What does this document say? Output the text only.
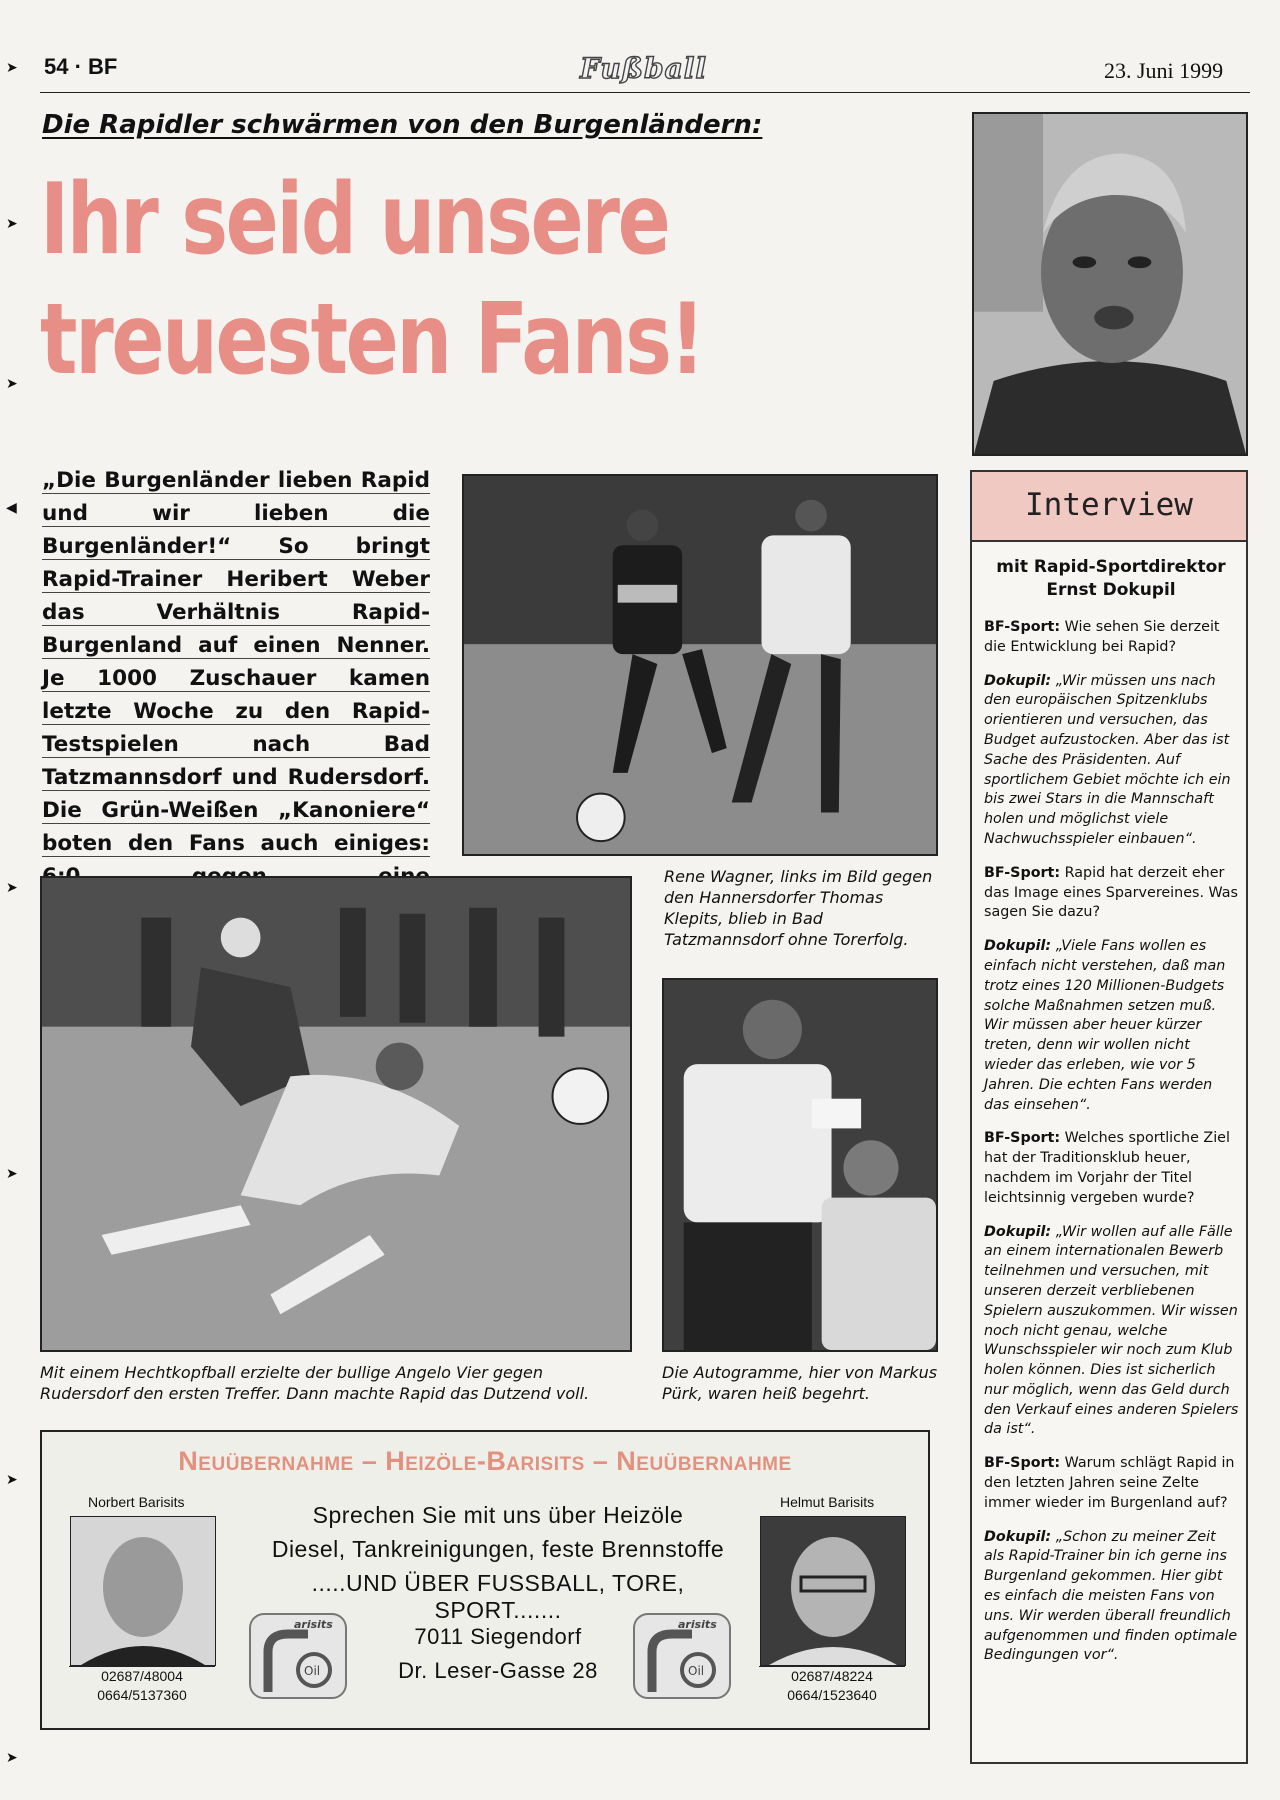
➤
➤
➤
◀
➤
➤
➤
➤
54 · BF	Fußball	23. Juni 1999
Die Rapidler schwärmen von den Burgenländern:
Ihr seid unsere
treuesten Fans!
„Die Burgenländer lieben Rapid und wir lieben die Burgenländer!“ So bringt Rapid-Trainer Heribert Weber das Verhältnis Rapid-Burgenland auf einen Nenner. Je 1000 Zuschauer kamen letzte Woche zu den Rapid-Testspielen nach Bad Tatzmannsdorf und Rudersdorf. Die Grün-Weißen „Kanoniere“ boten den Fans auch einiges:
Rene Wagner, links im Bild gegen den Hannersdorfer Thomas Klepits, blieb in Bad Tatzmannsdorf ohne Torerfolg.
Mit einem Hechtkopfball erzielte der bullige Angelo Vier gegen Rudersdorf den ersten Treffer. Dann machte Rapid das Dutzend voll.
Die Autogramme, hier von Markus Pürk, waren heiß begehrt.
Interview
mit Rapid-Sportdirektor Ernst Dokupil

BF-Sport: Wie sehen Sie derzeit die Entwicklung bei Rapid?

Dokupil: „Wir müssen uns nach den europäischen Spitzenklubs orientieren und versuchen, das Budget aufzustocken. Aber das ist Sache des Präsidenten. Auf sportlichem Gebiet möchte ich ein bis zwei Stars in die Mannschaft holen und möglichst viele Nachwuchsspieler einbauen“.

BF-Sport: Rapid hat derzeit eher das Image eines Sparvereines. Was sagen Sie dazu?

Dokupil: „Viele Fans wollen es einfach nicht verstehen, daß man trotz eines 120 Millionen-Budgets solche Maßnahmen setzen muß. Wir müssen aber heuer kürzer treten, denn wir wollen nicht wieder das erleben, wie vor 5 Jahren. Die echten Fans werden das einsehen“.

BF-Sport: Welches sportliche Ziel hat der Traditionsklub heuer, nachdem im Vorjahr der Titel leichtsinnig vergeben wurde?

Dokupil: „Wir wollen auf alle Fälle an einem internationalen Bewerb teilnehmen und versuchen, mit unseren derzeit verbliebenen Spielern auszukommen. Wir wissen noch nicht genau, welche Wunschsspieler wir noch zum Klub holen können. Dies ist sicherlich nur möglich, wenn das Geld durch den Verkauf eines anderen Spielers da ist“.

BF-Sport: Warum schlägt Rapid in den letzten Jahren seine Zelte immer wieder im Burgenland auf?

Dokupil: „Schon zu meiner Zeit als Rapid-Trainer bin ich gerne ins Burgenland gekommen. Hier gibt es einfach die meisten Fans von uns. Wir werden überall freundlich aufgenommen und finden optimale Bedingungen vor“.

Neuübernahme – Heizöle-Barisits – Neuübernahme
Norbert Barisits
02687/48004
0664/5137360
Helmut Barisits
02687/48224
0664/1523640
Sprechen Sie mit uns über Heizöle
Diesel, Tankreinigungen, feste Brennstoffe
.....UND ÜBER FUSSBALL, TORE, SPORT.......
7011 Siegendorf
Dr. Leser-Gasse 28
arisits
Oil
arisits
Oil
